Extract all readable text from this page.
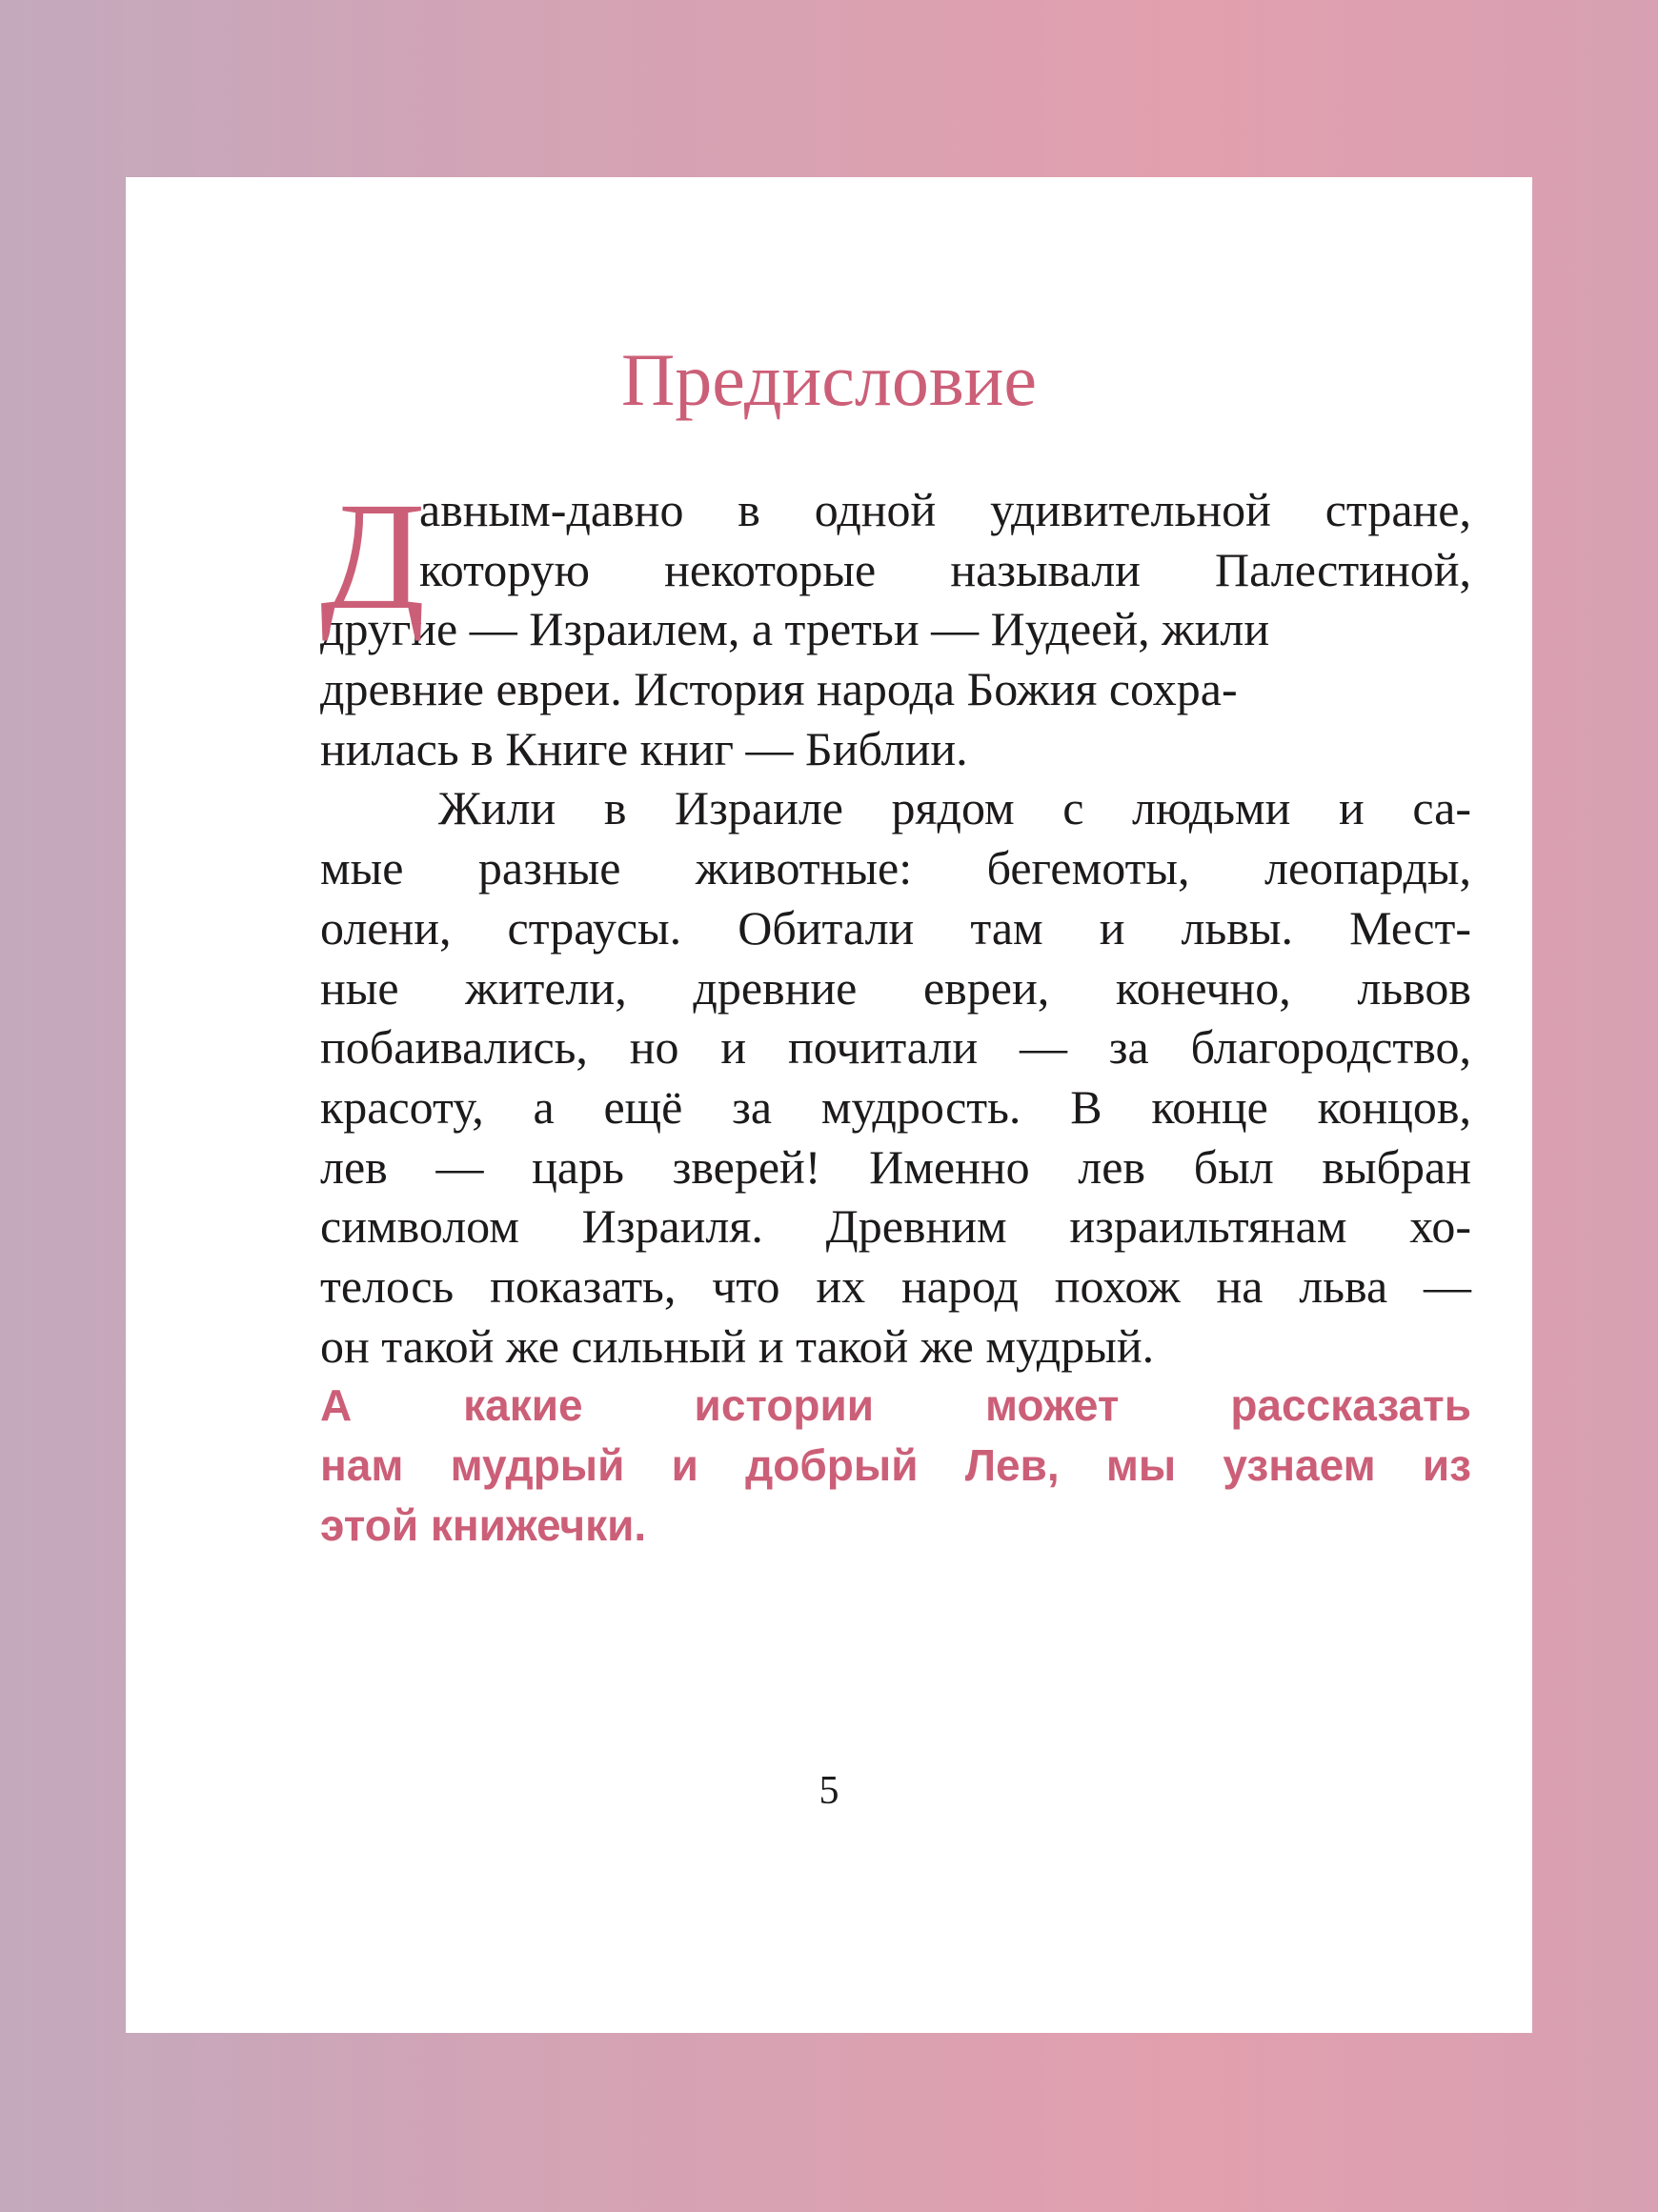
Предисловие
Д
авным-давно в одной удивительной стране,
которую некоторые называли Палестиной,
другие — Израилем, а третьи — Иудеей, жили
древние евреи. История народа Божия сохра-
нилась в Книге книг — Библии.
Жили в Израиле рядом с людьми и са-
мые разные животные: бегемоты, леопарды,
олени, страусы. Обитали там и львы. Мест-
ные жители, древние евреи, конечно, львов
побаивались, но и почитали — за благородство,
красоту, а ещё за мудрость. В конце концов,
лев — царь зверей! Именно лев был выбран
символом Израиля. Древним израильтянам хо-
телось показать, что их народ похож на льва —
он такой же сильный и такой же мудрый.
А какие истории может рассказать
нам мудрый и добрый Лев, мы узнаем из
этой книжечки.
5
